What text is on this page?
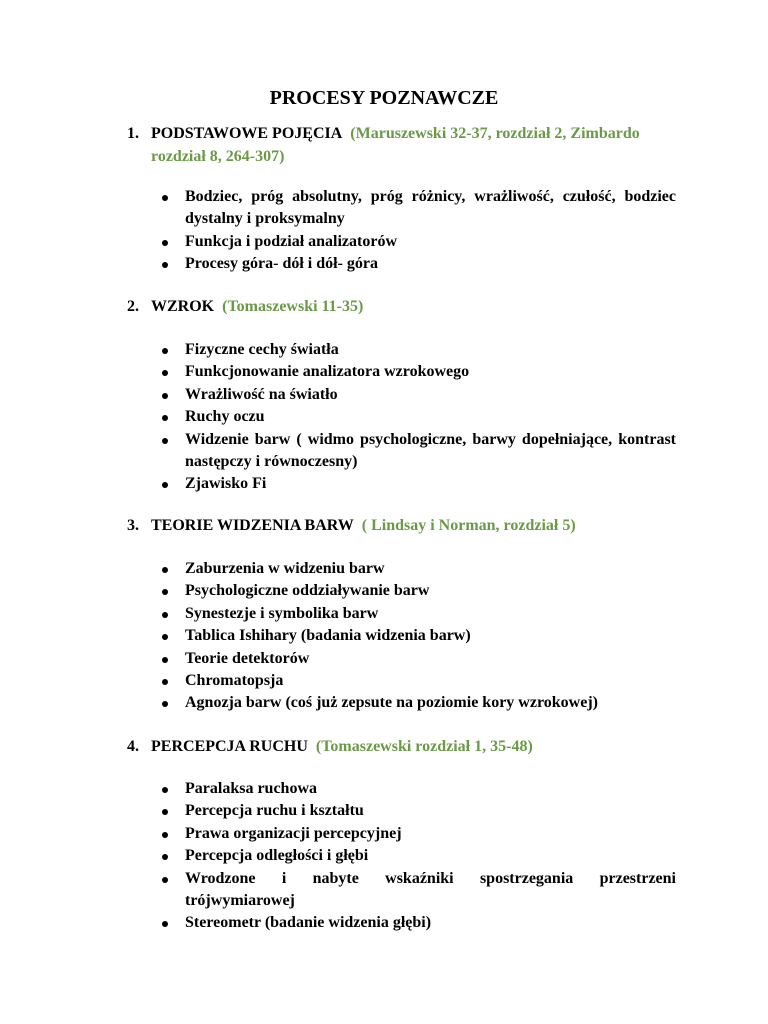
PROCESY POZNAWCZE
1. PODSTAWOWE POJĘCIA (Maruszewski 32-37, rozdział 2, Zimbardo rozdział 8, 264-307)
Bodziec, próg absolutny, próg różnicy, wrażliwość, czułość, bodziec dystalny i proksymalny
Funkcja i podział analizatorów
Procesy góra- dół i dół- góra
2. WZROK (Tomaszewski 11-35)
Fizyczne cechy światła
Funkcjonowanie analizatora wzrokowego
Wrażliwość na światło
Ruchy oczu
Widzenie barw ( widmo psychologiczne, barwy dopełniające, kontrast następczy i równoczesny)
Zjawisko Fi
3. TEORIE WIDZENIA BARW ( Lindsay i Norman, rozdział 5)
Zaburzenia w widzeniu barw
Psychologiczne oddziaływanie barw
Synestezje i symbolika barw
Tablica Ishihary (badania widzenia barw)
Teorie detektorów
Chromatopsja
Agnozja barw (coś już zepsute na poziomie kory wzrokowej)
4. PERCEPCJA RUCHU (Tomaszewski rozdział 1, 35-48)
Paralaksa ruchowa
Percepcja ruchu i kształtu
Prawa organizacji percepcyjnej
Percepcja odległości i głębi
Wrodzone i nabyte wskaźniki spostrzegania przestrzeni trójwymiarowej
Stereometr (badanie widzenia głębi)
